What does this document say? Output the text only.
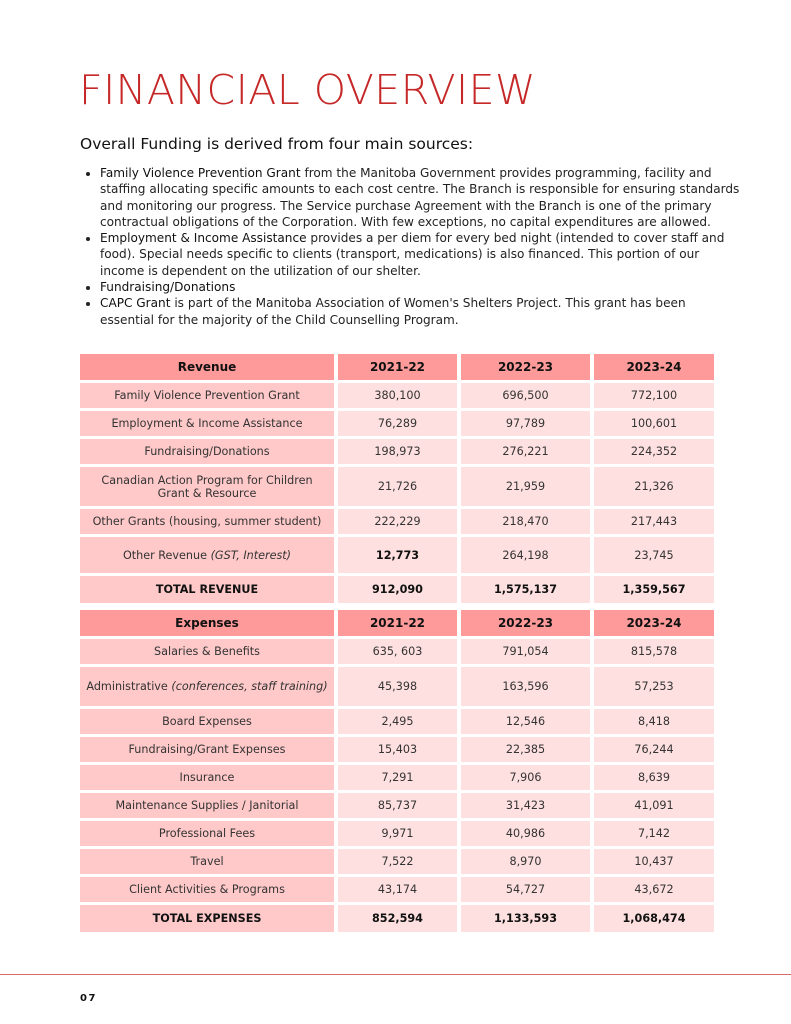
FINANCIAL OVERVIEW
Overall Funding is derived from four main sources:
• Family Violence Prevention Grant from the Manitoba Government provides programming, facility and staffing allocating specific amounts to each cost centre. The Branch is responsible for ensuring standards and monitoring our progress. The Service purchase Agreement with the Branch is one of the primary contractual obligations of the Corporation. With few exceptions, no capital expenditures are allowed.
• Employment & Income Assistance provides a per diem for every bed night (intended to cover staff and food). Special needs specific to clients (transport, medications) is also financed. This portion of our income is dependent on the utilization of our shelter.
• Fundraising/Donations
• CAPC Grant is part of the Manitoba Association of Women's Shelters Project. This grant has been essential for the majority of the Child Counselling Program.
Revenue	2021-22	2022-23	2023-24
Family Violence Prevention Grant	380,100	696,500	772,100
Employment & Income Assistance	76,289	97,789	100,601
Fundraising/Donations	198,973	276,221	224,352
Canadian Action Program for Children Grant & Resource	21,726	21,959	21,326
Other Grants (housing, summer student)	222,229	218,470	217,443
Other Revenue (GST, Interest)	12,773	264,198	23,745
TOTAL REVENUE	912,090	1,575,137	1,359,567
Expenses	2021-22	2022-23	2023-24
Salaries & Benefits	635, 603	791,054	815,578
Administrative (conferences, staff training)	45,398	163,596	57,253
Board Expenses	2,495	12,546	8,418
Fundraising/Grant Expenses	15,403	22,385	76,244
Insurance	7,291	7,906	8,639
Maintenance Supplies / Janitorial	85,737	31,423	41,091
Professional Fees	9,971	40,986	7,142
Travel	7,522	8,970	10,437
Client Activities & Programs	43,174	54,727	43,672
TOTAL EXPENSES	852,594	1,133,593	1,068,474
07
